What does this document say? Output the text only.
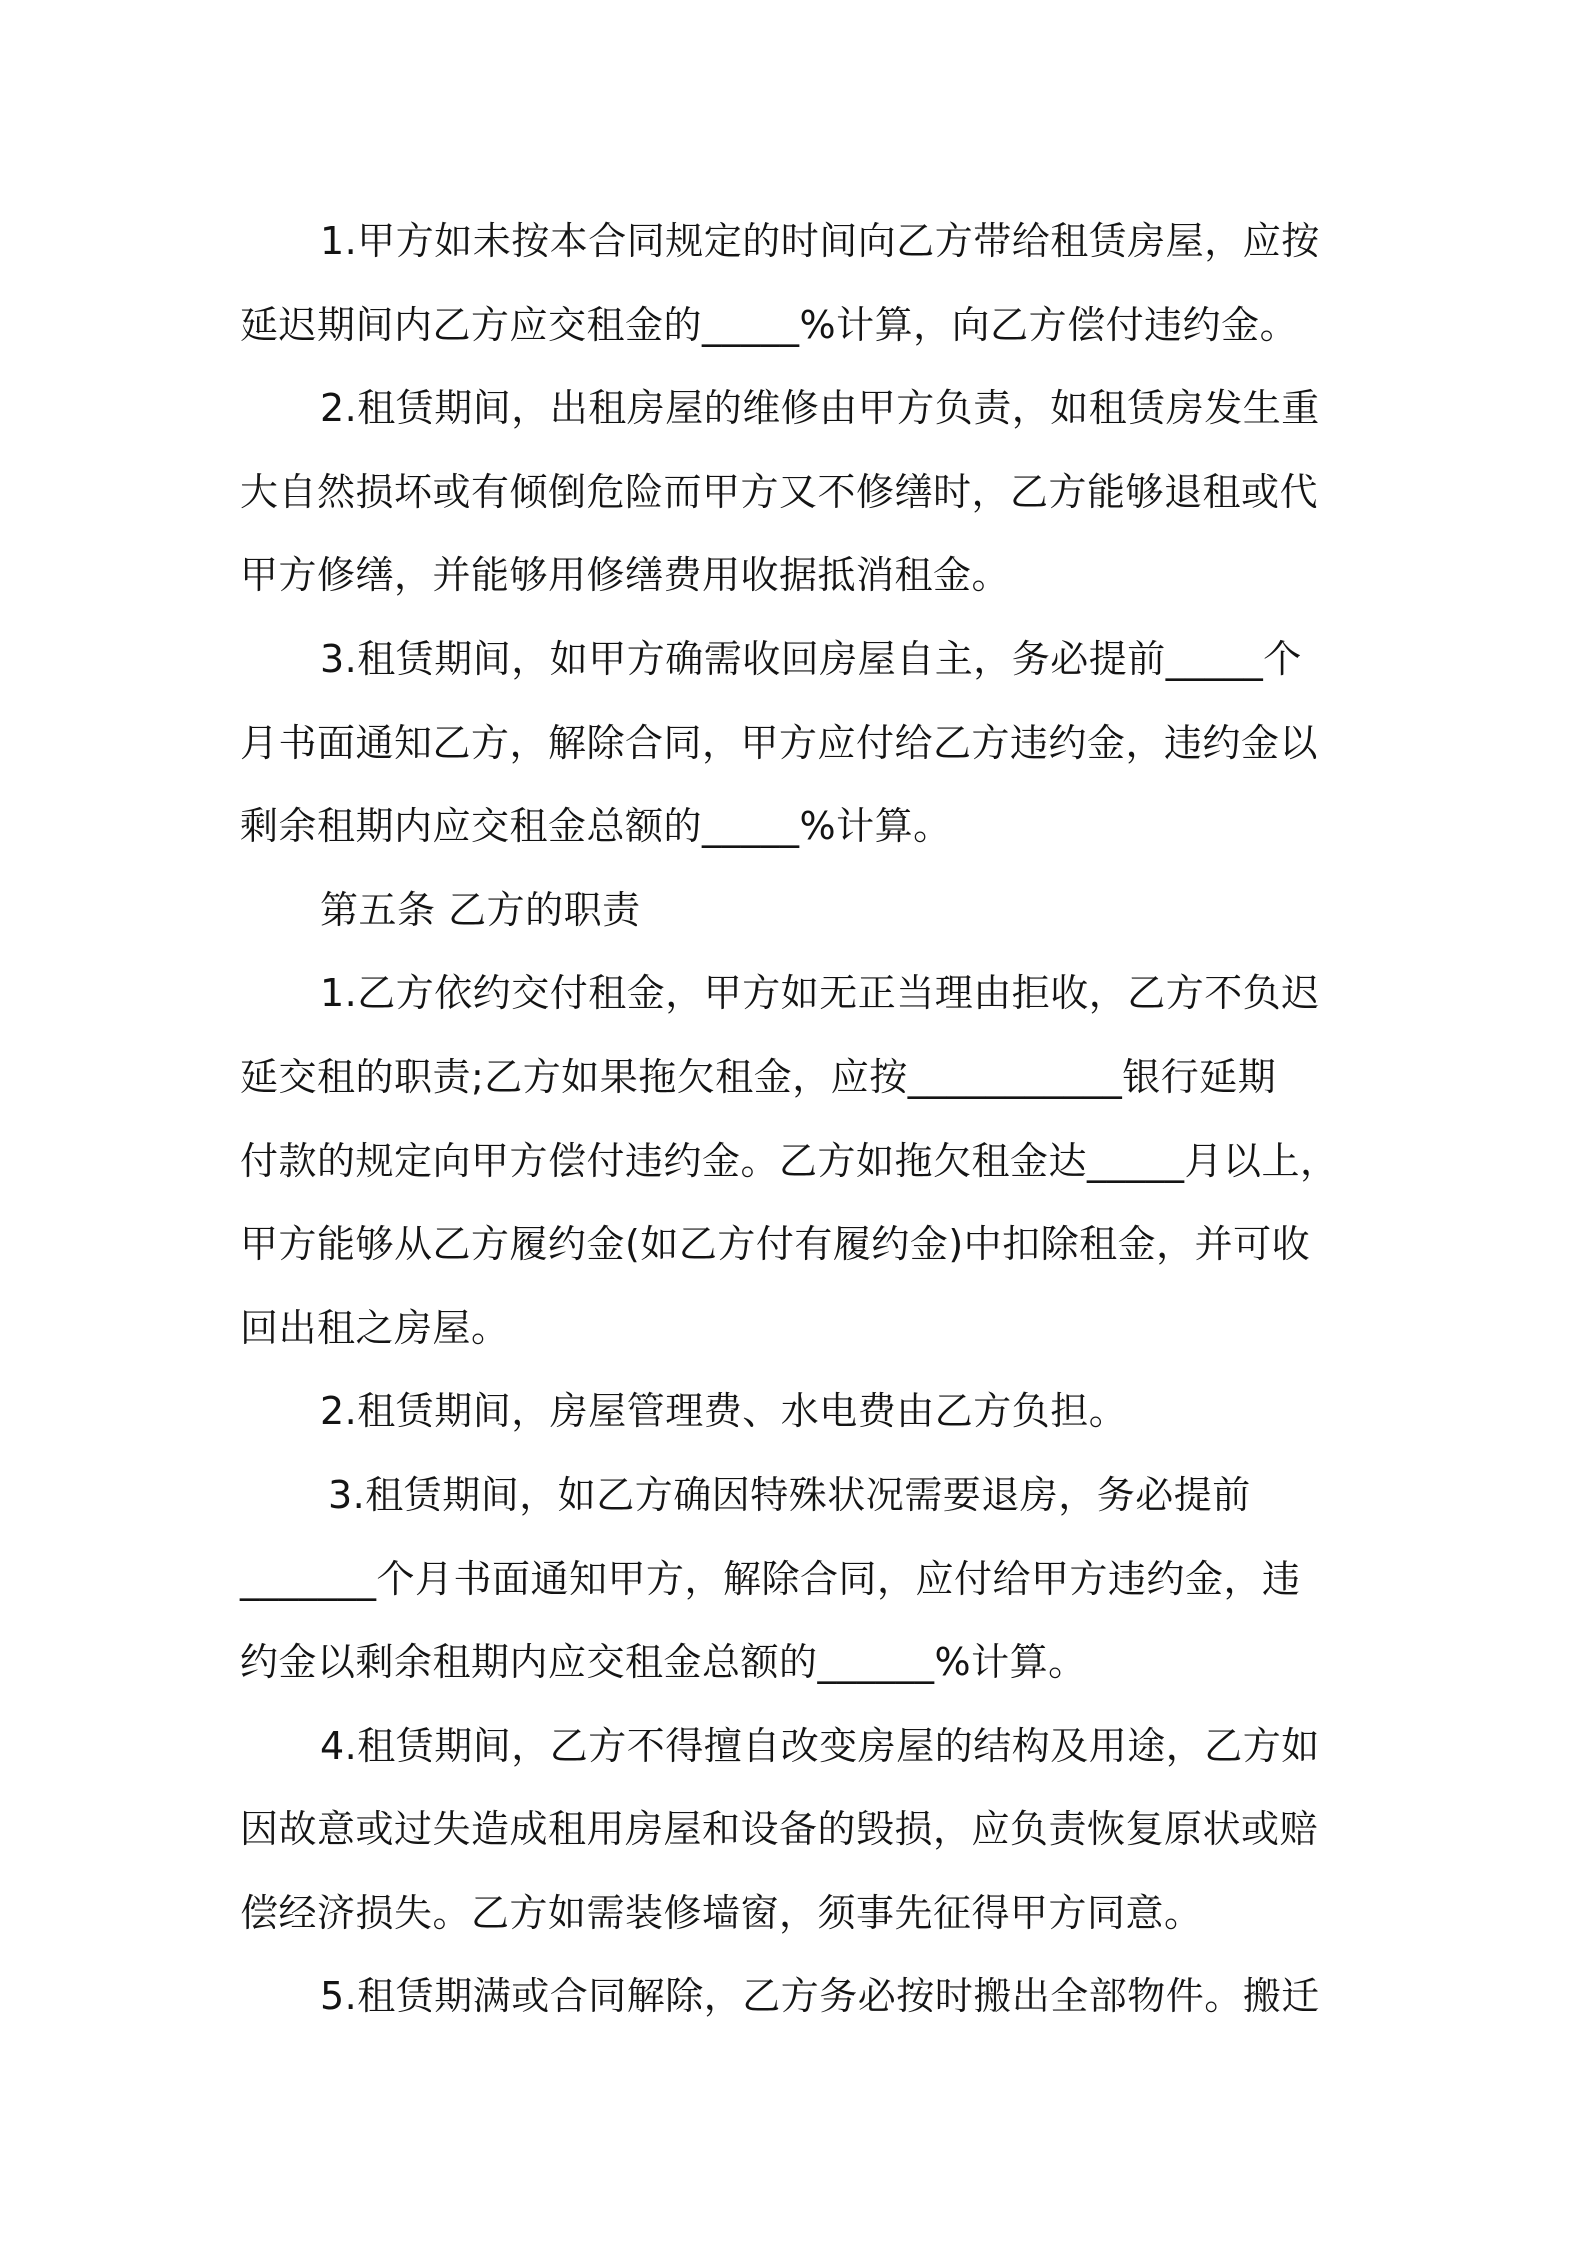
1.甲方如未按本合同规定的时间向乙方带给租赁房屋，应按
延迟期间内乙方应交租金的_____%计算，向乙方偿付违约金。
2.租赁期间，出租房屋的维修由甲方负责，如租赁房发生重
大自然损坏或有倾倒危险而甲方又不修缮时，乙方能够退租或代
甲方修缮，并能够用修缮费用收据抵消租金。
3.租赁期间，如甲方确需收回房屋自主，务必提前_____个
月书面通知乙方，解除合同，甲方应付给乙方违约金，违约金以
剩余租期内应交租金总额的_____%计算。
第五条 乙方的职责
1.乙方依约交付租金，甲方如无正当理由拒收，乙方不负迟
延交租的职责;乙方如果拖欠租金，应按___________银行延期
付款的规定向甲方偿付违约金。乙方如拖欠租金达_____月以上，
甲方能够从乙方履约金(如乙方付有履约金)中扣除租金，并可收
回出租之房屋。
2.租赁期间，房屋管理费、水电费由乙方负担。
3.租赁期间，如乙方确因特殊状况需要退房，务必提前
_______个月书面通知甲方，解除合同，应付给甲方违约金，违
约金以剩余租期内应交租金总额的______%计算。
4.租赁期间，乙方不得擅自改变房屋的结构及用途，乙方如
因故意或过失造成租用房屋和设备的毁损，应负责恢复原状或赔
偿经济损失。乙方如需装修墙窗，须事先征得甲方同意。
5.租赁期满或合同解除，乙方务必按时搬出全部物件。搬迁
